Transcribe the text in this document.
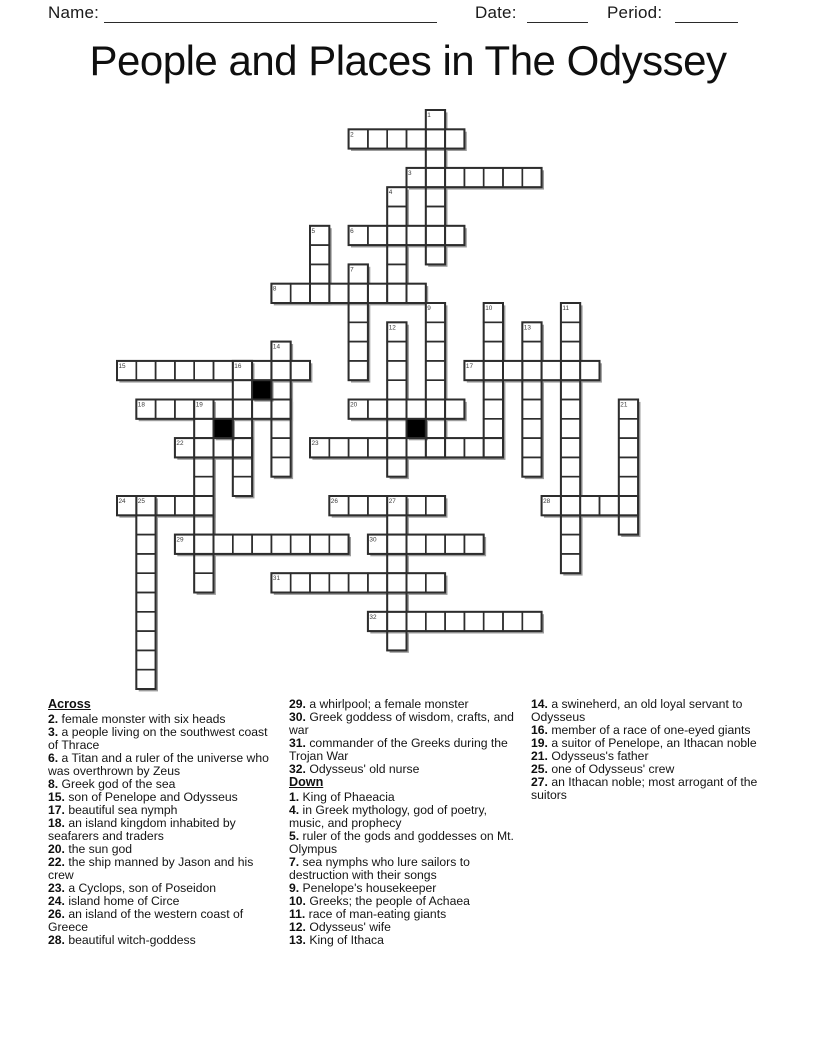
Name:	Date:	Period:
People and Places in The Odyssey
1
2
3
4
5	6
7
8
9	10	11
12	13
14
15	16	17
18	19	20	21
22	23
24 25	26	27	28
29	30
31
32
Across

2. female monster with six heads

3. a people living on the southwest coast of Thrace

6. a Titan and a ruler of the universe who was overthrown by Zeus

8. Greek god of the sea

15. son of Penelope and Odysseus

17. beautiful sea nymph

18. an island kingdom inhabited by seafarers and traders

20. the sun god

22. the ship manned by Jason and his crew

23. a Cyclops, son of Poseidon

24. island home of Circe

26. an island of the western coast of Greece

28. beautiful witch-goddess

29. a whirlpool; a female monster

30. Greek goddess of wisdom, crafts, and war

31. commander of the Greeks during the Trojan War

32. Odysseus' old nurse

Down

1. King of Phaeacia

4. in Greek mythology, god of poetry, music, and prophecy

5. ruler of the gods and goddesses on Mt. Olympus

7. sea nymphs who lure sailors to destruction with their songs

9. Penelope's housekeeper

10. Greeks; the people of Achaea

11. race of man-eating giants

12. Odysseus' wife

13. King of Ithaca

14. a swineherd, an old loyal servant to Odysseus

16. member of a race of one-eyed giants

19. a suitor of Penelope, an Ithacan noble

21. Odysseus's father

25. one of Odysseus' crew

27. an Ithacan noble; most arrogant of the suitors
